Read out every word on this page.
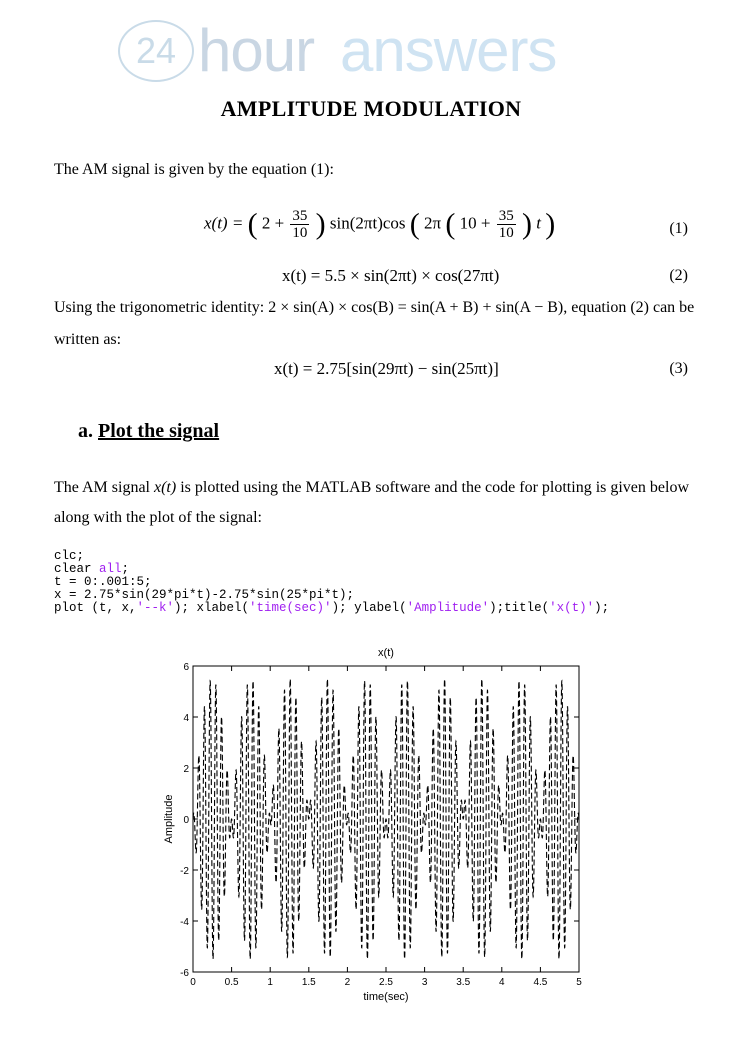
24 hour answers
AMPLITUDE MODULATION
The AM signal is given by the equation (1):
x(t) = ( $2 + \frac{35}{10}$ ) sin(2πt)cos ( 2π ( $10 + \frac{35}{10}$ ) t )	(1)
x(t) = 5.5 × sin(2πt) × cos(27πt)	(2)
Using the trigonometric identity: 2 × sin(A) × cos(B) = sin(A + B) + sin(A − B), equation (2) can be
written as:
x(t) = 2.75[sin(29πt) − sin(25πt)]	(3)
a. Plot the signal
The AM signal x(t) is plotted using the MATLAB software and the code for plotting is given below
along with the plot of the signal:
clc;
clear all;
t = 0:.001:5;
x = 2.75*sin(29*pi*t)-2.75*sin(25*pi*t);
plot (t, x,'--k'); xlabel('time(sec)'); ylabel('Amplitude');title('x(t)');
x(t)
6
4
2
0
-2
-4
-6
0	0.5	1	1.5	2	2.5	3	3.5	4	4.5	5
time(sec)
Amplitude
